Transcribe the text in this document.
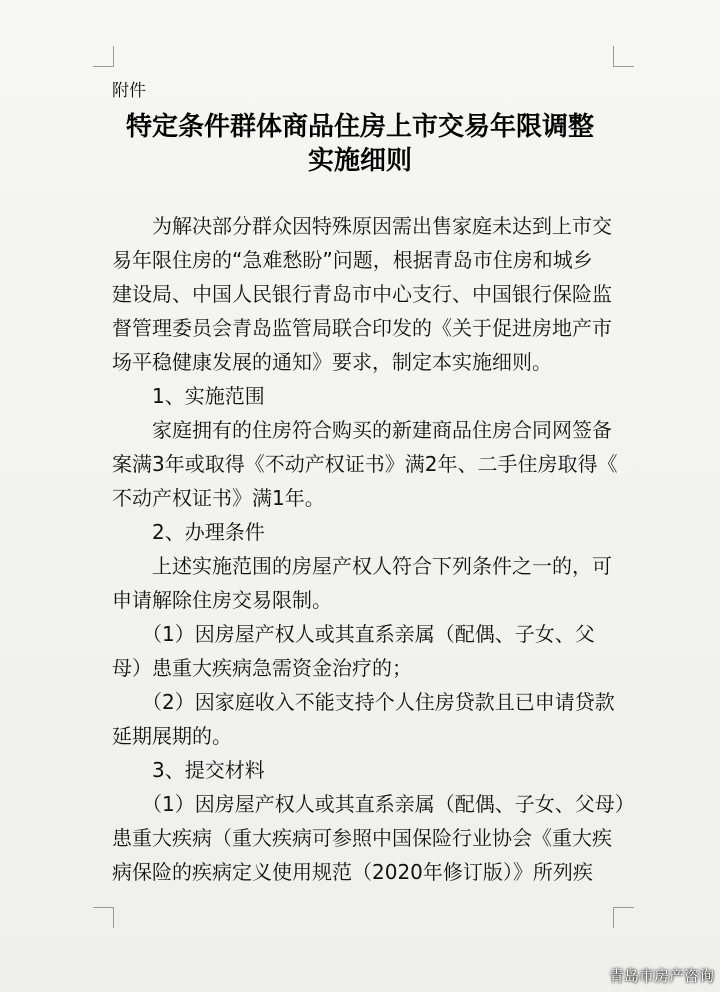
附件
特定条件群体商品住房上市交易年限调整
实施细则
　　为解决部分群众因特殊原因需出售家庭未达到上市交
易年限住房的“急难愁盼”问题，根据青岛市住房和城乡
建设局、中国人民银行青岛市中心支行、中国银行保险监
督管理委员会青岛监管局联合印发的《关于促进房地产市
场平稳健康发展的通知》要求，制定本实施细则。
　　1、实施范围
　　家庭拥有的住房符合购买的新建商品住房合同网签备
案满3年或取得《不动产权证书》满2年、二手住房取得《
不动产权证书》满1年。
　　2、办理条件
　　上述实施范围的房屋产权人符合下列条件之一的，可
申请解除住房交易限制。
　　（1）因房屋产权人或其直系亲属（配偶、子女、父
母）患重大疾病急需资金治疗的；
　　（2）因家庭收入不能支持个人住房贷款且已申请贷款
延期展期的。
　　3、提交材料
　　（1）因房屋产权人或其直系亲属（配偶、子女、父母）
患重大疾病（重大疾病可参照中国保险行业协会《重大疾
病保险的疾病定义使用规范（2020年修订版）》所列疾
青岛市房产咨询
